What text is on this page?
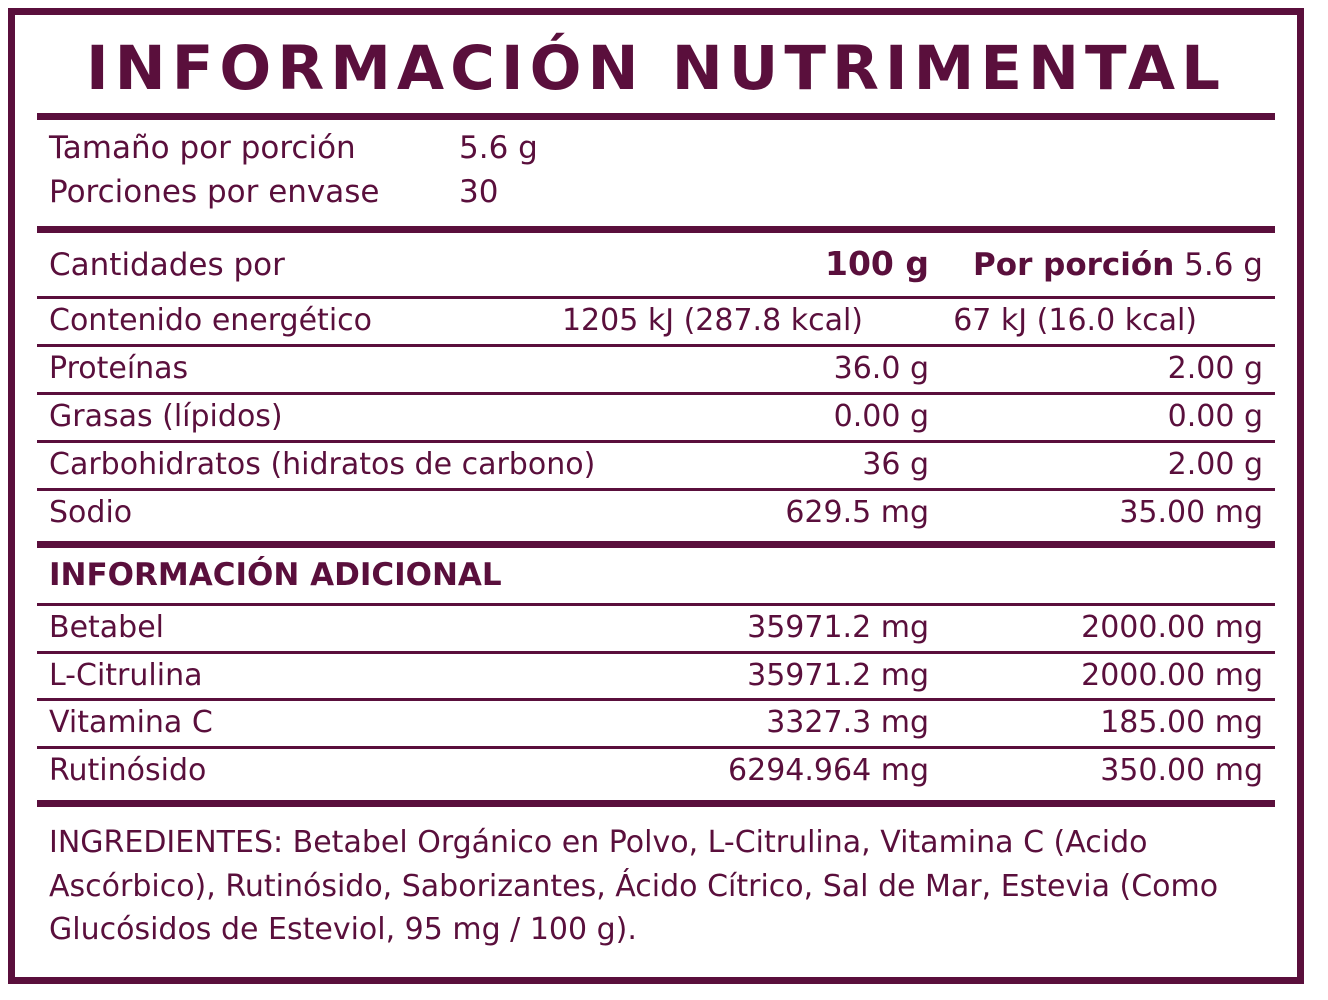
INFORMACIÓN NUTRIMENTAL
Tamaño por porción	5.6 g
Porciones por envase	30
Cantidades por	100 g	Por porción 5.6 g
Contenido energético	1205 kJ (287.8 kcal)	67 kJ (16.0 kcal)
Proteínas	36.0 g	2.00 g
Grasas (lípidos)	0.00 g	0.00 g
Carbohidratos (hidratos de carbono)	36 g	2.00 g
Sodio	629.5 mg	35.00 mg
INFORMACIÓN ADICIONAL
Betabel	35971.2 mg	2000.00 mg
L-Citrulina	35971.2 mg	2000.00 mg
Vitamina C	3327.3 mg	185.00 mg
Rutinósido	6294.964 mg	350.00 mg
INGREDIENTES: Betabel Orgánico en Polvo, L-Citrulina, Vitamina C (Acido Ascórbico), Rutinósido, Saborizantes, Ácido Cítrico, Sal de Mar, Estevia (Como Glucósidos de Esteviol, 95 mg / 100 g).
